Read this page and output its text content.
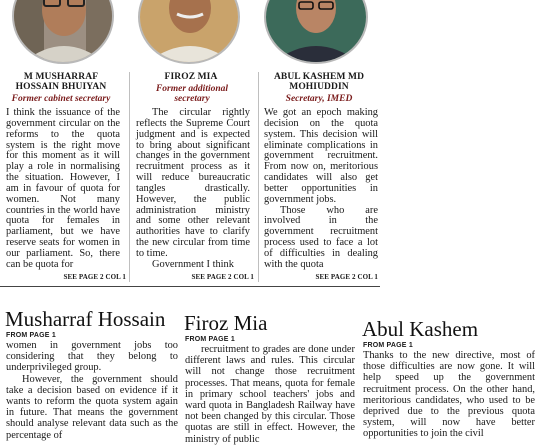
M MUSHARRAF
HOSSAIN BHUIYAN
Former cabinet secretary

I think the issuance of the government circular on the reforms to the quota system is the right move for this moment as it will play a role in normalising the situation. However, I am in favour of quota for women. Not many countries in the world have quota for females in parliament, but we have reserve seats for women in our parliament. So, there can be quota for

SEE PAGE 2 COL 1
FIROZ MIA
Former additional secretary

The circular rightly reflects the Supreme Court judgment and is expected to bring about significant changes in the government recruitment process as it will reduce bureaucratic tangles drastically. However, the public administration ministry and some other relevant authorities have to clarify the new circular from time to time.

Government I think

SEE PAGE 2 COL 1
ABUL KASHEM MD
MOHIUDDIN
Secretary, IMED

We got an epoch making decision on the quota system. This decision will eliminate complications in government recruitment. From now on, meritorious candidates will also get better opportunities in government jobs.

Those who are involved in the government recruitment process used to face a lot of difficulties in dealing with the quota

SEE PAGE 2 COL 1
Musharraf Hossain
FROM PAGE 1

women in government jobs too considering that they belong to underprivileged group.

However, the government should take a decision based on evidence if it wants to reform the quota system again in future. That means the government should analyse relevant data such as the percentage of

Firoz Mia
FROM PAGE 1

recruitment to grades are done under different laws and rules. This circular will not change those recruitment processes. That means, quota for female in primary school teachers' jobs and ward quota in Bangladesh Railway have not been changed by this circular. Those quotas are still in effect. However, the ministry of public

Abul Kashem
FROM PAGE 1

Thanks to the new directive, most of those difficulties are now gone. It will help speed up the government recruitment process. On the other hand, meritorious candidates, who used to be deprived due to the previous quota system, will now have better opportunities to join the civil
